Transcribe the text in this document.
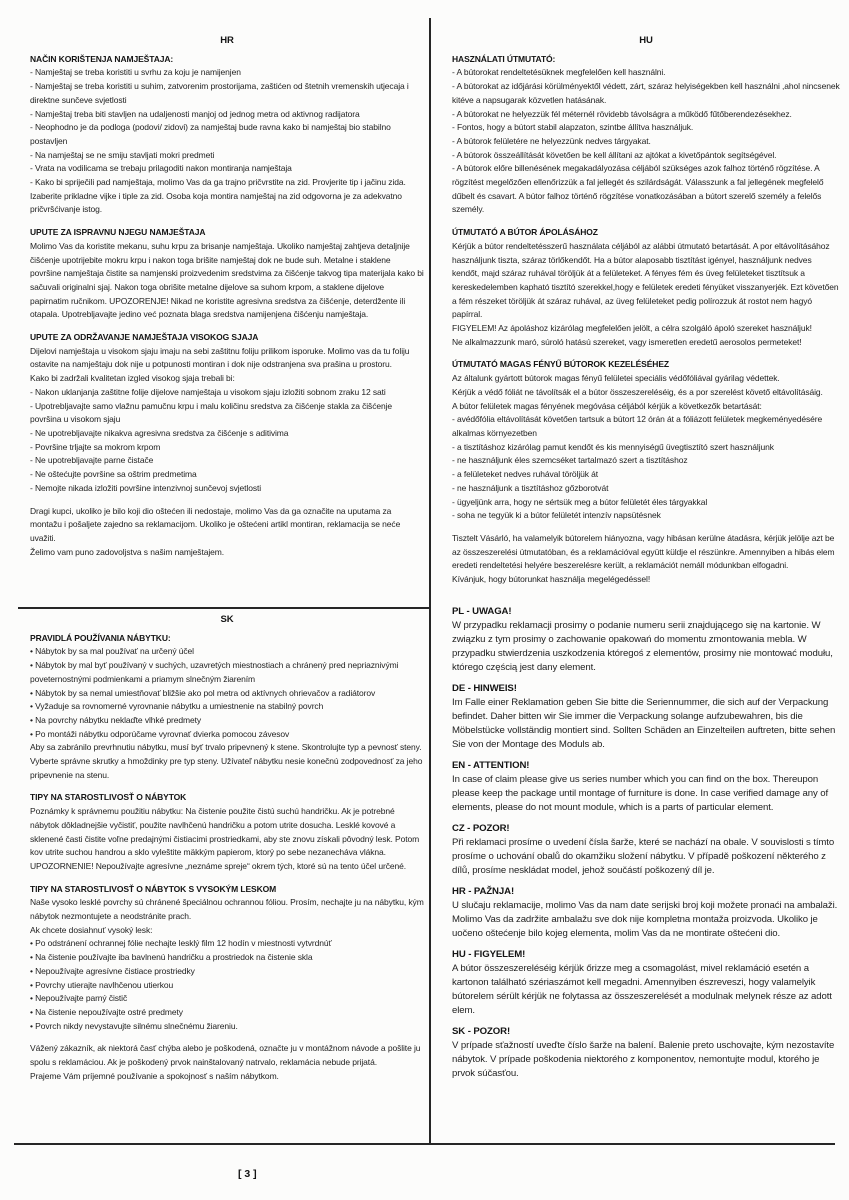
HR

NAČIN KORIŠTENJA NAMJEŠTAJA:

- Namještaj se treba koristiti u svrhu za koju je namijenjen

- Namještaj se treba koristiti u suhim, zatvorenim prostorijama, zaštićen od štetnih vremenskih utjecaja i direktne sunčeve svjetlosti

- Namještaj treba biti stavljen na udaljenosti manjoj od jednog metra od aktivnog radijatora

- Neophodno je da podloga (podovi/ zidovi) za namještaj bude ravna kako bi namještaj bio stabilno postavljen

- Na namještaj se ne smiju stavljati mokri predmeti

- Vrata na vodilicama se trebaju prilagoditi nakon montiranja namještaja

- Kako bi spriječili pad namještaja, molimo Vas da ga trajno pričvrstite na zid. Provjerite tip i jačinu zida. Izaberite prikladne vijke i tiple za zid. Osoba koja montira namještaj na zid odgovorna je za adekvatno pričvršćivanje istog.

UPUTE ZA ISPRAVNU NJEGU NAMJEŠTAJA

Molimo Vas da koristite mekanu, suhu krpu za brisanje namještaja. Ukoliko namještaj zahtjeva detaljnije čišćenje upotrijebite mokru krpu i nakon toga brišite namještaj dok ne bude suh. Metalne i staklene površine namještaja čistite sa namjenski proizvedenim sredstvima za čišćenje takvog tipa materijala kako bi sačuvali originalni sjaj. Nakon toga obrišite metalne dijelove sa suhom krpom, a staklene dijelove papirnatim ručnikom. UPOZORENJE! Nikad ne koristite agresivna sredstva za čišćenje, deterdžente ili otapala. Upotrebljavajte jedino već poznata blaga sredstva namijenjena čišćenju namještaja.

UPUTE ZA ODRŽAVANJE NAMJEŠTAJA VISOKOG SJAJA

Dijelovi namještaja u visokom sjaju imaju na sebi zaštitnu foliju prilikom isporuke. Molimo vas da tu foliju ostavite na namještaju dok nije u potpunosti montiran i dok nije odstranjena sva prašina u prostoru.

Kako bi zadržali kvalitetan izgled visokog sjaja trebali bi:

- Nakon uklanjanja zaštitne folije dijelove namještaja u visokom sjaju izložiti sobnom zraku 12 sati

- Upotrebljavajte samo vlažnu pamučnu krpu i malu količinu sredstva za čišćenje stakla za čišćenje površina u visokom sjaju

- Ne upotrebljavajte nikakva agresivna sredstva za čišćenje s aditivima

- Površine trljajte sa mokrom krpom

- Ne upotrebljavajte parne čistače

- Ne oštećujte površine sa oštrim predmetima

- Nemojte nikada izložiti površine intenzivnoj sunčevoj svjetlosti

Dragi kupci, ukoliko je bilo koji dio oštećen ili nedostaje, molimo Vas da ga označite na uputama za montažu i pošaljete zajedno sa reklamacijom. Ukoliko je oštećeni artikl montiran, reklamacija se neće uvažiti.

Želimo vam puno zadovoljstva s našim namještajem.

HU

HASZNÁLATI ÚTMUTATÓ:

- A bútorokat rendeltetésüknek megfelelően kell használni.

- A bútorokat az időjárási körülményektől védett, zárt, száraz helyiségekben kell használni ,ahol nincsenek kitéve a napsugarak közvetlen hatásának.

- A bútorokat ne helyezzük fél méternél rövidebb távolságra a működő fűtőberendezésekhez.

- Fontos, hogy a bútort stabil alapzaton, szintbe állítva használjuk.

- A bútorok felületére ne helyezzünk nedves tárgyakat.

- A bútorok összeállítását követően be kell állítani az ajtókat a kivetőpántok segítségével.

- A bútorok előre billenésének megakadályozása céljából szükséges azok falhoz történő rögzítése. A rögzítést megelőzően ellenőrizzük a fal jellegét és szilárdságát. Válasszunk a fal jellegének megfelelő dűbelt és csavart. A bútor falhoz történő rögzítése vonatkozásában a bútort szerelő személy a felelős személy.

ÚTMUTATÓ A BÚTOR ÁPOLÁSÁHOZ

Kérjük a bútor rendeltetésszerű használata céljából az alábbi útmutató betartását. A por eltávolításához használjunk tiszta, száraz törlőkendőt. Ha a bútor alaposabb tisztítást igényel, használjunk nedves kendőt, majd száraz ruhával töröljük át a felületeket. A fényes fém és üveg felületeket tisztítsuk a kereskedelemben kapható tisztító szerekkel,hogy e felületek eredeti fényüket visszanyerjék. Ezt követően a fém részeket töröljük át száraz ruhával, az üveg felületeket pedig polírozzuk át rostot nem hagyó papírral.

FIGYELEM! Az ápoláshoz kizárólag megfelelően jelölt, a célra szolgáló ápoló szereket használjuk!

Ne alkalmazzunk maró, súroló hatású szereket, vagy ismeretlen eredetű aerosolos permeteket!

ÚTMUTATÓ MAGAS FÉNYŰ BÚTOROK KEZELÉSÉHEZ

Az általunk gyártott bútorok magas fényű felületei speciális védőfóliával gyárilag védettek.

Kérjük a védő fóliát ne távolítsák el a bútor összeszereléséig, és a por szerelést követő eltávolításáig.

A bútor felületek magas fényének megóvása céljából kérjük a következők betartását:

- avédőfólia eltávolítását követően tartsuk a bútort 12 órán át a fóliázott felületek megkeményedésére alkalmas környezetben

- a tisztításhoz kizárólag pamut kendőt és kis mennyiségű üvegtisztító szert használjunk

- ne használjunk éles szemcséket tartalmazó szert a tisztításhoz

- a felületeket nedves ruhával töröljük át

- ne használjunk a tisztításhoz gőzborotvát

- ügyeljünk arra, hogy ne sértsük meg a bútor felületét éles tárgyakkal

- soha ne tegyük ki a bútor felületét intenzív napsütésnek

Tisztelt Vásárló, ha valamelyik bútorelem hiányozna, vagy hibásan kerülne átadásra, kérjük jelölje azt be az összeszerelési útmutatóban, és a reklamációval együtt küldje el részünkre. Amennyiben a hibás elem eredeti rendeltetési helyére beszerelésre került, a reklamációt nemáll módunkban elfogadni.

Kívánjuk, hogy bútorunkat használja megelégedéssel!

SK

PRAVIDLÁ POUŽÍVANIA NÁBYTKU:

• Nábytok by sa mal používať na určený účel

• Nábytok by mal byť používaný v suchých, uzavretých miestnostiach a chránený pred nepriaznivými poveternostnými podmienkami a priamym slnečným žiarením

• Nábytok by sa nemal umiestňovať bližšie ako pol metra od aktívnych ohrievačov a radiátorov

• Vyžaduje sa rovnomerné vyrovnanie nábytku a umiestnenie na stabilný povrch

• Na povrchy nábytku neklaďte vlhké predmety

• Po montáži nábytku odporúčame vyrovnať dvierka pomocou závesov

Aby sa zabránilo prevrhnutiu nábytku, musí byť trvalo pripevnený k stene. Skontrolujte typ a pevnosť steny. Vyberte správne skrutky a hmoždinky pre typ steny. Užívateľ nábytku nesie konečnú zodpovednosť za jeho pripevnenie na stenu.

TIPY NA STAROSTLIVOSŤ O NÁBYTOK

Poznámky k správnemu použitiu nábytku: Na čistenie použite čistú suchú handričku. Ak je potrebné nábytok dôkladnejšie vyčistiť, použite navlhčenú handričku a potom utrite dosucha. Lesklé kovové a sklenené časti čistite voľne predajnými čistiacimi prostriedkami, aby ste znovu získali pôvodný lesk. Potom kov utrite suchou handrou a sklo vyleštite mäkkým papierom, ktorý po sebe nezanecháva vlákna. UPOZORNENIE! Nepoužívajte agresívne „neznáme spreje“ okrem tých, ktoré sú na tento účel určené.

TIPY NA STAROSTLIVOSŤ O NÁBYTOK S VYSOKÝM LESKOM

Naše vysoko lesklé povrchy sú chránené špeciálnou ochrannou fóliou. Prosím, nechajte ju na nábytku, kým nábytok nezmontujete a neodstránite prach.

Ak chcete dosiahnuť vysoký lesk:

• Po odstránení ochrannej fólie nechajte lesklý film 12 hodín v miestnosti vytvrdnúť

• Na čistenie používajte iba bavlnenú handričku a prostriedok na čistenie skla

• Nepoužívajte agresívne čistiace prostriedky

• Povrchy utierajte navlhčenou utierkou

• Nepoužívajte parný čistič

• Na čistenie nepoužívajte ostré predmety

• Povrch nikdy nevystavujte silnému slnečnému žiareniu.

Vážený zákazník, ak niektorá časť chýba alebo je poškodená, označte ju v montážnom návode a pošlite ju spolu s reklamáciou. Ak je poškodený prvok nainštalovaný natrvalo, reklamácia nebude prijatá.

Prajeme Vám príjemné používanie a spokojnosť s naším nábytkom.

PL - UWAGA!

W przypadku reklamacji prosimy o podanie numeru serii znajdującego się na kartonie. W związku z tym prosimy o zachowanie opakowań do momentu zmontowania mebla. W przypadku stwierdzenia uszkodzenia któregoś z elementów, prosimy nie montować modułu, którego częścią jest dany element.

DE - HINWEIS!

Im Falle einer Reklamation geben Sie bitte die Seriennummer, die sich auf der Verpackung befindet. Daher bitten wir Sie immer die Verpackung solange aufzubewahren, bis die Möbelstücke vollständig montiert sind. Sollten Schäden an Einzelteilen auftreten, bitte sehen Sie von der Montage des Moduls ab.

EN - ATTENTION!

In case of claim please give us series number which you can find on the box. Thereupon please keep the package until montage of furniture is done. In case verified damage any of elements, please do not mount module, which is a parts of particular element.

CZ - POZOR!

Při reklamaci prosíme o uvedení čísla šarže, které se nachází na obale. V souvislosti s tímto prosíme o uchování obalů do okamžiku složení nábytku. V případě poškození některého z dílů, prosíme neskládat model, jehož součástí poškozený díl je.

HR - PAŽNJA!

U slučaju reklamacije, molimo Vas da nam date serijski broj koji možete pronaći na ambalaži. Molimo Vas da zadržite ambalažu sve dok nije kompletna montaža proizvoda. Ukoliko je uočeno oštećenje bilo kojeg elementa, molim Vas da ne montirate oštećeni dio.

HU - FIGYELEM!

A bútor összeszereléséig kérjük őrizze meg a csomagolást, mivel reklamáció esetén a kartonon található szériaszámot kell megadni. Amennyiben észreveszi, hogy valamelyik bútorelem sérült kérjük ne folytassa az összeszerelését a modulnak melynek része az adott elem.

SK - POZOR!

V prípade sťažností uveďte číslo šarže na balení. Balenie preto uschovajte, kým nezostavíte nábytok. V prípade poškodenia niektorého z komponentov, nemontujte modul, ktorého je prvok súčasťou.

[ 3 ]
